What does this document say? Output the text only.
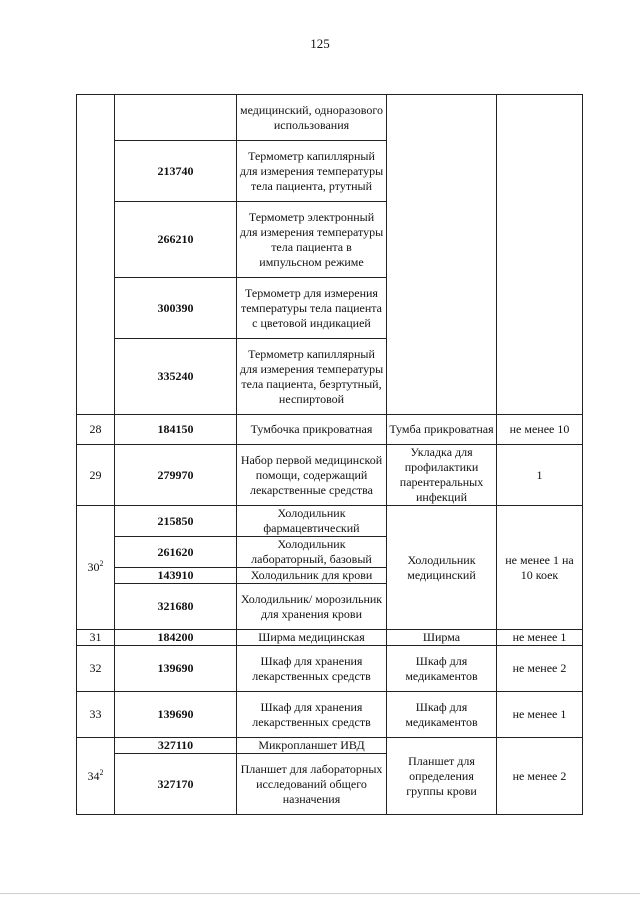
125
		медицинский, одноразового использования		
	213740	Термометр капиллярный для измерения температуры тела пациента, ртутный		
	266210	Термометр электронный для измерения температуры тела пациента в импульсном режиме		
	300390	Термометр для измерения температуры тела пациента с цветовой индикацией		
	335240	Термометр капиллярный для измерения температуры тела пациента, безртутный, неспиртовой		
28	184150	Тумбочка прикроватная	Тумба прикроватная	не менее 10
29	279970	Набор первой медицинской помощи, содержащий лекарственные средства	Укладка для профилактики парентеральных инфекций	1
$30^2$	215850	Холодильник фармацевтический	Холодильник медицинский	не менее 1 на 10 коек
	261620	Холодильник лабораторный, базовый		
	143910	Холодильник для крови		
	321680	Холодильник/ морозильник для хранения крови		
31	184200	Ширма медицинская	Ширма	не менее 1
32	139690	Шкаф для хранения лекарственных средств	Шкаф для медикаментов	не менее 2
33	139690	Шкаф для хранения лекарственных средств	Шкаф для медикаментов	не менее 1
$34^2$	327110	Микропланшет ИВД	Планшет для определения группы крови	не менее 2
	327170	Планшет для лабораторных исследований общего назначения		
